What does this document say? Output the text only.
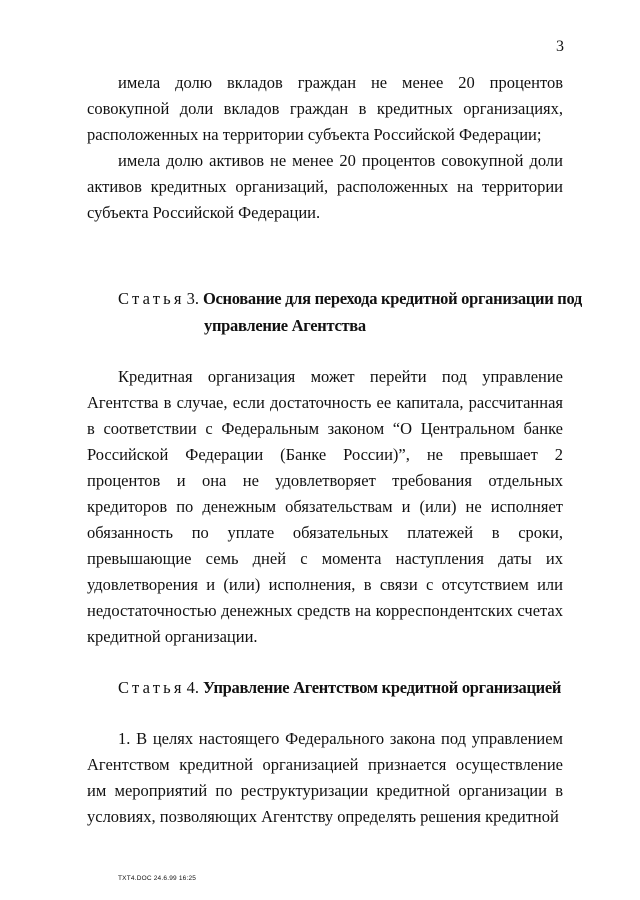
3

имела долю вкладов граждан не менее 20 процентов совокупной доли вкладов граждан в кредитных организациях, расположенных на территории субъекта Российской Федерации;

имела долю активов не менее 20 процентов совокупной доли активов кредитных организаций, расположенных на территории субъекта Российской Федерации.

Статья 3. Основание для перехода кредитной организации под
управление Агентства

Кредитная организация может перейти под управление Агентства в случае, если достаточность ее капитала, рассчитанная в соответствии с Федеральным законом “О Центральном банке Российской Федерации (Банке России)”, не превышает 2 процентов и она не удовлетворяет требования отдельных кредиторов по денежным обязательствам и (или) не исполняет обязанность по уплате обязательных платежей в сроки, превышающие семь дней с момента наступления даты их удовлетворения и (или) исполнения, в связи с отсутствием или недостаточностью денежных средств на корреспондентских счетах кредитной организации.

Статья 4. Управление Агентством кредитной организацией

1. В целях настоящего Федерального закона под управлением Агентством кредитной организацией признается осуществление им мероприятий по реструктуризации кредитной организации в условиях, позволяющих Агентству определять решения кредитной

TXT4.DOC 24.6.99 16:25
